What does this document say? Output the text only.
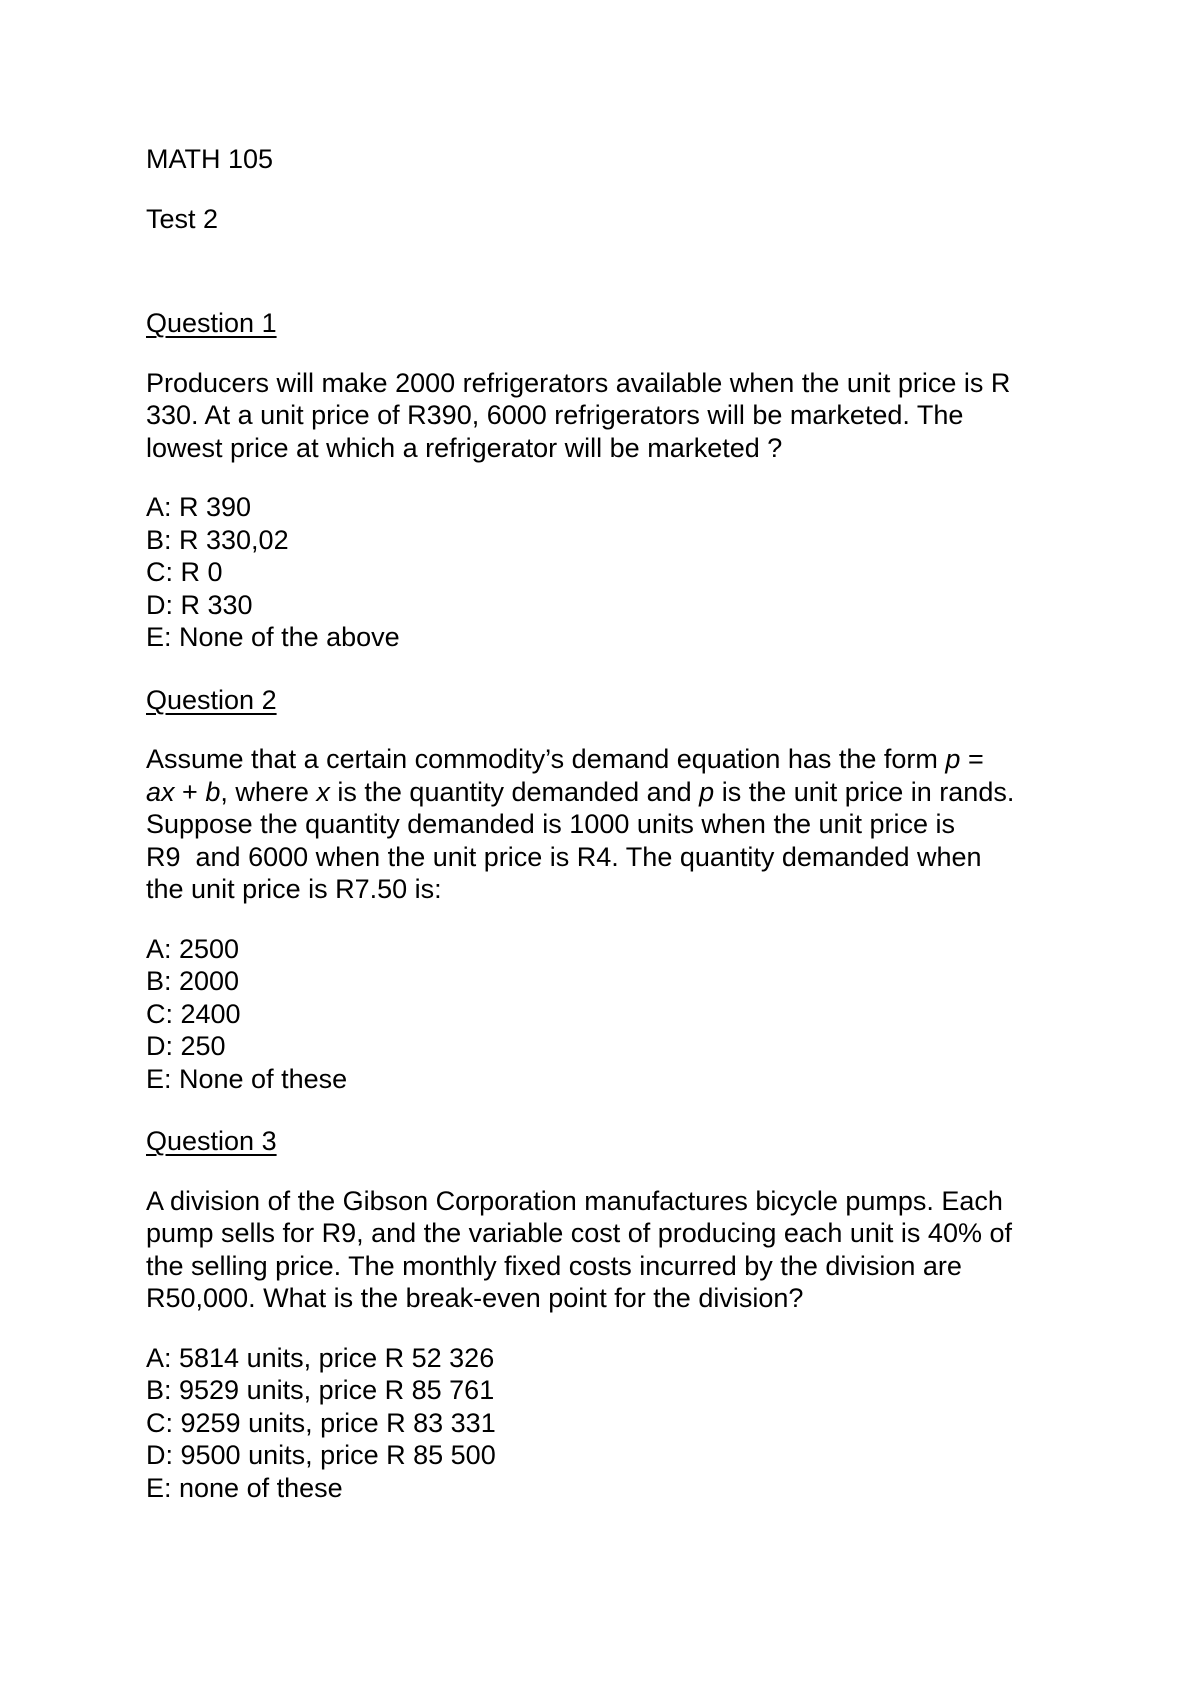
MATH 105

Test 2

Question 1

Producers will make 2000 refrigerators available when the unit price is R
330. At a unit price of R390, 6000 refrigerators will be marketed. The
lowest price at which a refrigerator will be marketed ?

A: R 390
B: R 330,02
C: R 0
D: R 330
E: None of the above

Question 2

Assume that a certain commodity’s demand equation has the form p =
ax + b, where x is the quantity demanded and p is the unit price in rands.
Suppose the quantity demanded is 1000 units when the unit price is
R9  and 6000 when the unit price is R4. The quantity demanded when
the unit price is R7.50 is:

A: 2500
B: 2000
C: 2400
D: 250
E: None of these

Question 3

A division of the Gibson Corporation manufactures bicycle pumps. Each
pump sells for R9, and the variable cost of producing each unit is 40% of
the selling price. The monthly fixed costs incurred by the division are
R50,000. What is the break-even point for the division?

A: 5814 units, price R 52 326
B: 9529 units, price R 85 761
C: 9259 units, price R 83 331
D: 9500 units, price R 85 500
E: none of these
